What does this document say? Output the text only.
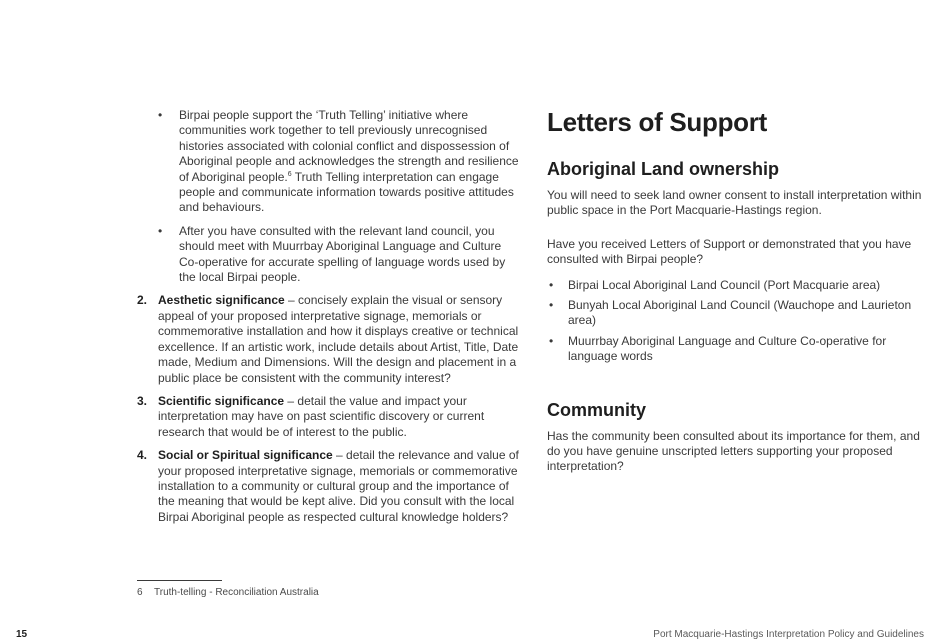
• Birpai people support the ‘Truth Telling’ initiative where communities work together to tell previously unrecognised histories associated with colonial conflict and dispossession of Aboriginal people and acknowledges the strength and resilience of Aboriginal people.$^6$ Truth Telling interpretation can engage people and communicate information towards positive attitudes and behaviours.
• After you have consulted with the relevant land council, you should meet with Muurrbay Aboriginal Language and Culture Co-operative for accurate spelling of language words used by the local Birpai people.
2. Aesthetic significance – concisely explain the visual or sensory appeal of your proposed interpretative signage, memorials or commemorative installation and how it displays creative or technical excellence. If an artistic work, include details about Artist, Title, Date made, Medium and Dimensions. Will the design and placement in a public place be consistent with the community interest?
3. Scientific significance – detail the value and impact your interpretation may have on past scientific discovery or current research that would be of interest to the public.
4. Social or Spiritual significance – detail the relevance and value of your proposed interpretative signage, memorials or commemorative installation to a community or cultural group and the importance of the meaning that would be kept alive. Did you consult with the local Birpai Aboriginal people as respected cultural knowledge holders?
Letters of Support
Aboriginal Land ownership

You will need to seek land owner consent to install interpretation within public space in the Port Macquarie-Hastings region.

Have you received Letters of Support or demonstrated that you have consulted with Birpai people?

• Birpai Local Aboriginal Land Council (Port Macquarie area)
• Bunyah Local Aboriginal Land Council (Wauchope and Laurieton area)
• Muurrbay Aboriginal Language and Culture Co-operative for language words
Community

Has the community been consulted about its importance for them, and do you have genuine unscripted letters supporting your proposed interpretation?

6 Truth-telling - Reconciliation Australia
15	Port Macquarie-Hastings Interpretation Policy and Guidelines
